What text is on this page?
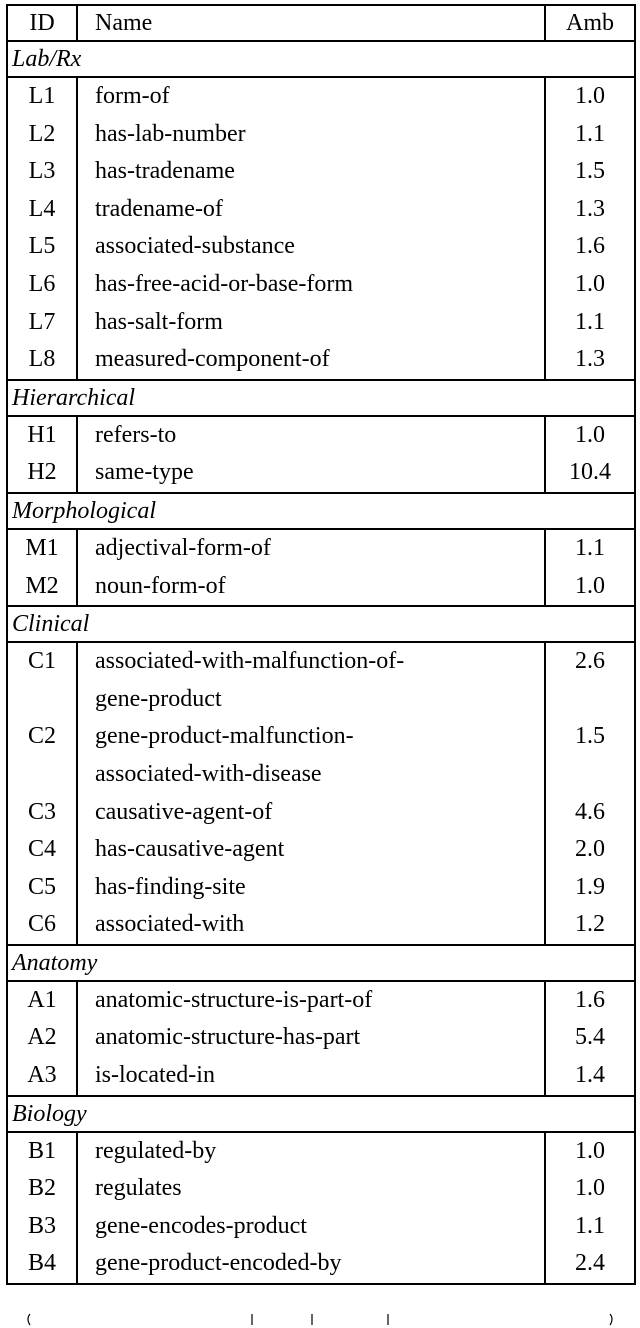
ID	Name	Amb
Lab/Rx		
L1	form-of	1.0
L2	has-lab-number	1.1
L3	has-tradename	1.5
L4	tradename-of	1.3
L5	associated-substance	1.6
L6	has-free-acid-or-base-form	1.0
L7	has-salt-form	1.1
L8	measured-component-of	1.3
Hierarchical		
H1	refers-to	1.0
H2	same-type	10.4
Morphological		
M1	adjectival-form-of	1.1
M2	noun-form-of	1.0
Clinical		
C1	associated-with-malfunction-of-
gene-product	2.6
C2	gene-product-malfunction-
associated-with-disease	1.5
C3	causative-agent-of	4.6
C4	has-causative-agent	2.0
C5	has-finding-site	1.9
C6	associated-with	1.2
Anatomy		
A1	anatomic-structure-is-part-of	1.6
A2	anatomic-structure-has-part	5.4
A3	is-located-in	1.4
Biology		
B1	regulated-by	1.0
B2	regulates	1.0
B3	gene-encodes-product	1.1
B4	gene-product-encoded-by	2.4
